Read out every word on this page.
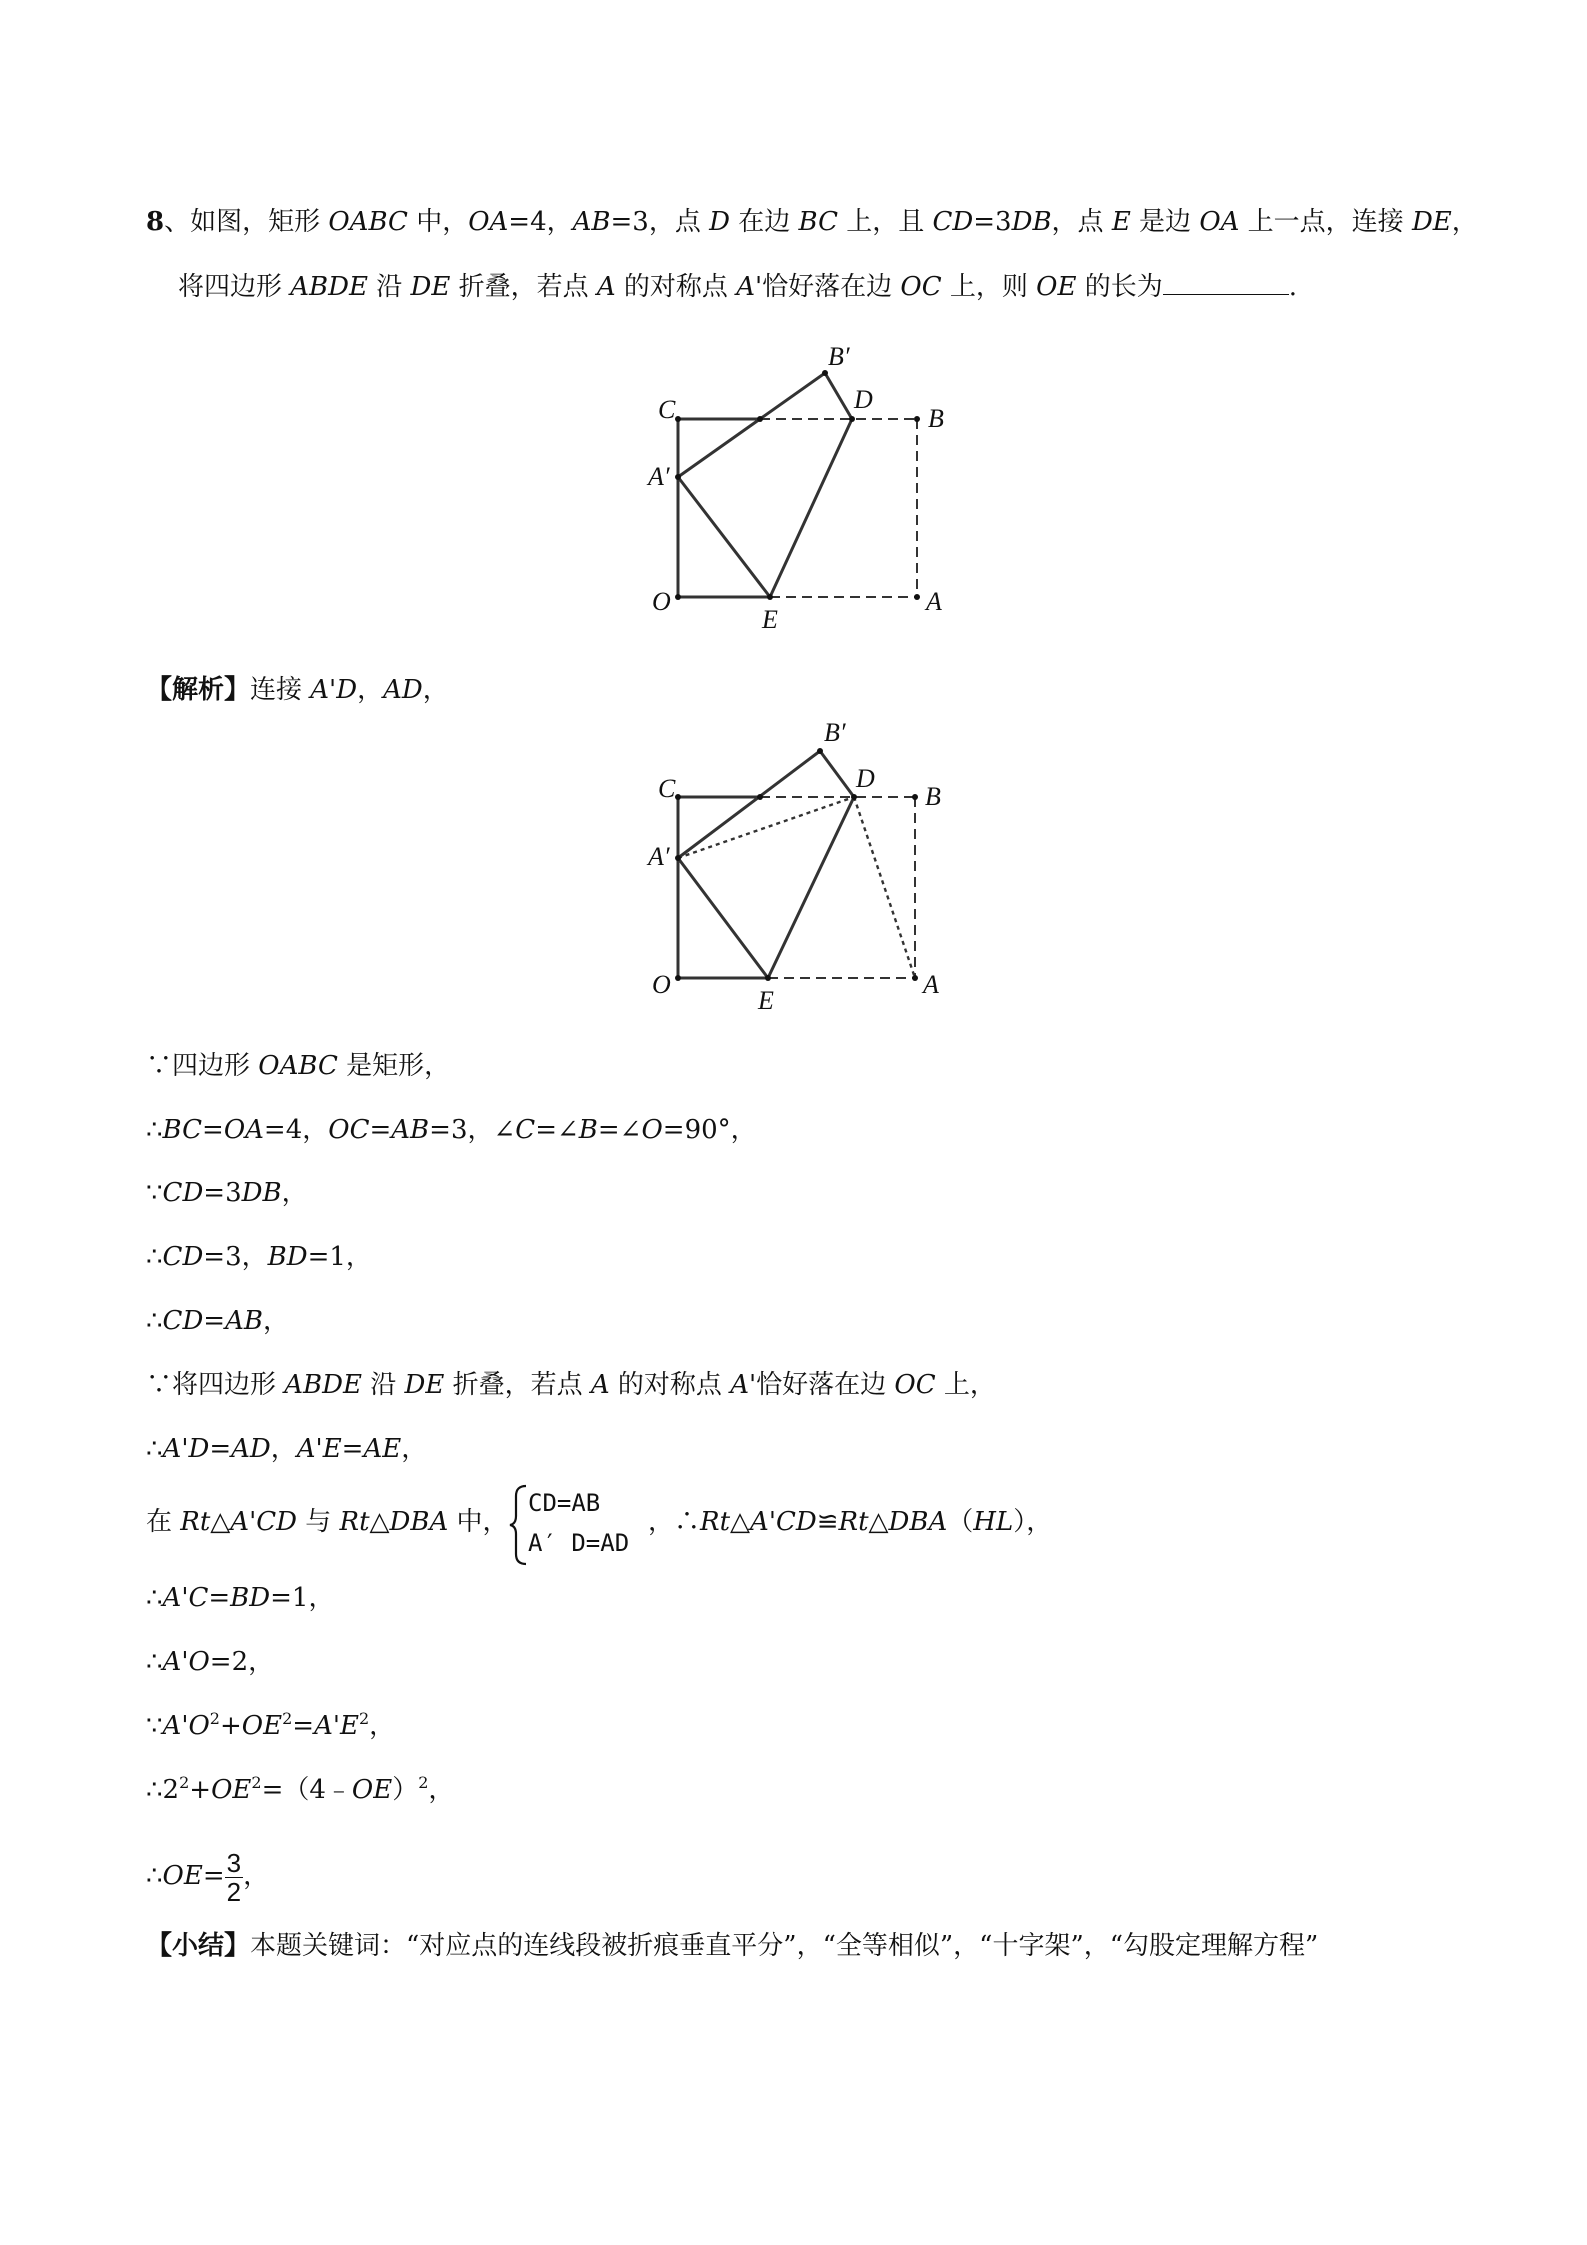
8、如图，矩形 OABC 中，OA=4，AB=3，点 D 在边 BC 上，且 CD=3DB，点 E 是边 OA 上一点，连接 DE，
将四边形 ABDE 沿 DE 折叠，若点 A 的对称点 A'恰好落在边 OC 上，则 OE 的长为	.
C
B′
D
B
A′
O
E
A
【解析】连接 A'D，AD，
C
B′
D
B
A′
O
E
A
∵四边形 OABC 是矩形，
∴BC=OA=4，OC=AB=3，∠C=∠B=∠O=90°，
∵CD=3DB，
∴CD=3，BD=1，
∴CD=AB，
∵将四边形 ABDE 沿 DE 折叠，若点 A 的对称点 A'恰好落在边 OC 上，
∴A'D=AD，A'E=AE，
在 Rt△A'CD 与 Rt△DBA 中，
CD=AB
A′ D=AD
，∴Rt△A'CD≌Rt△DBA（HL），
∴A'C=BD=1，
∴A'O=2，
$\because A'O^2+OE^2=A'E^2$，
$\therefore 2^2+OE^2=(4﹣OE)^2$，
∴OE= $\frac{3}{2}$ ，
【小结】本题关键词：“对应点的连线段被折痕垂直平分”，“全等相似”，“十字架”，“勾股定理解方程”
